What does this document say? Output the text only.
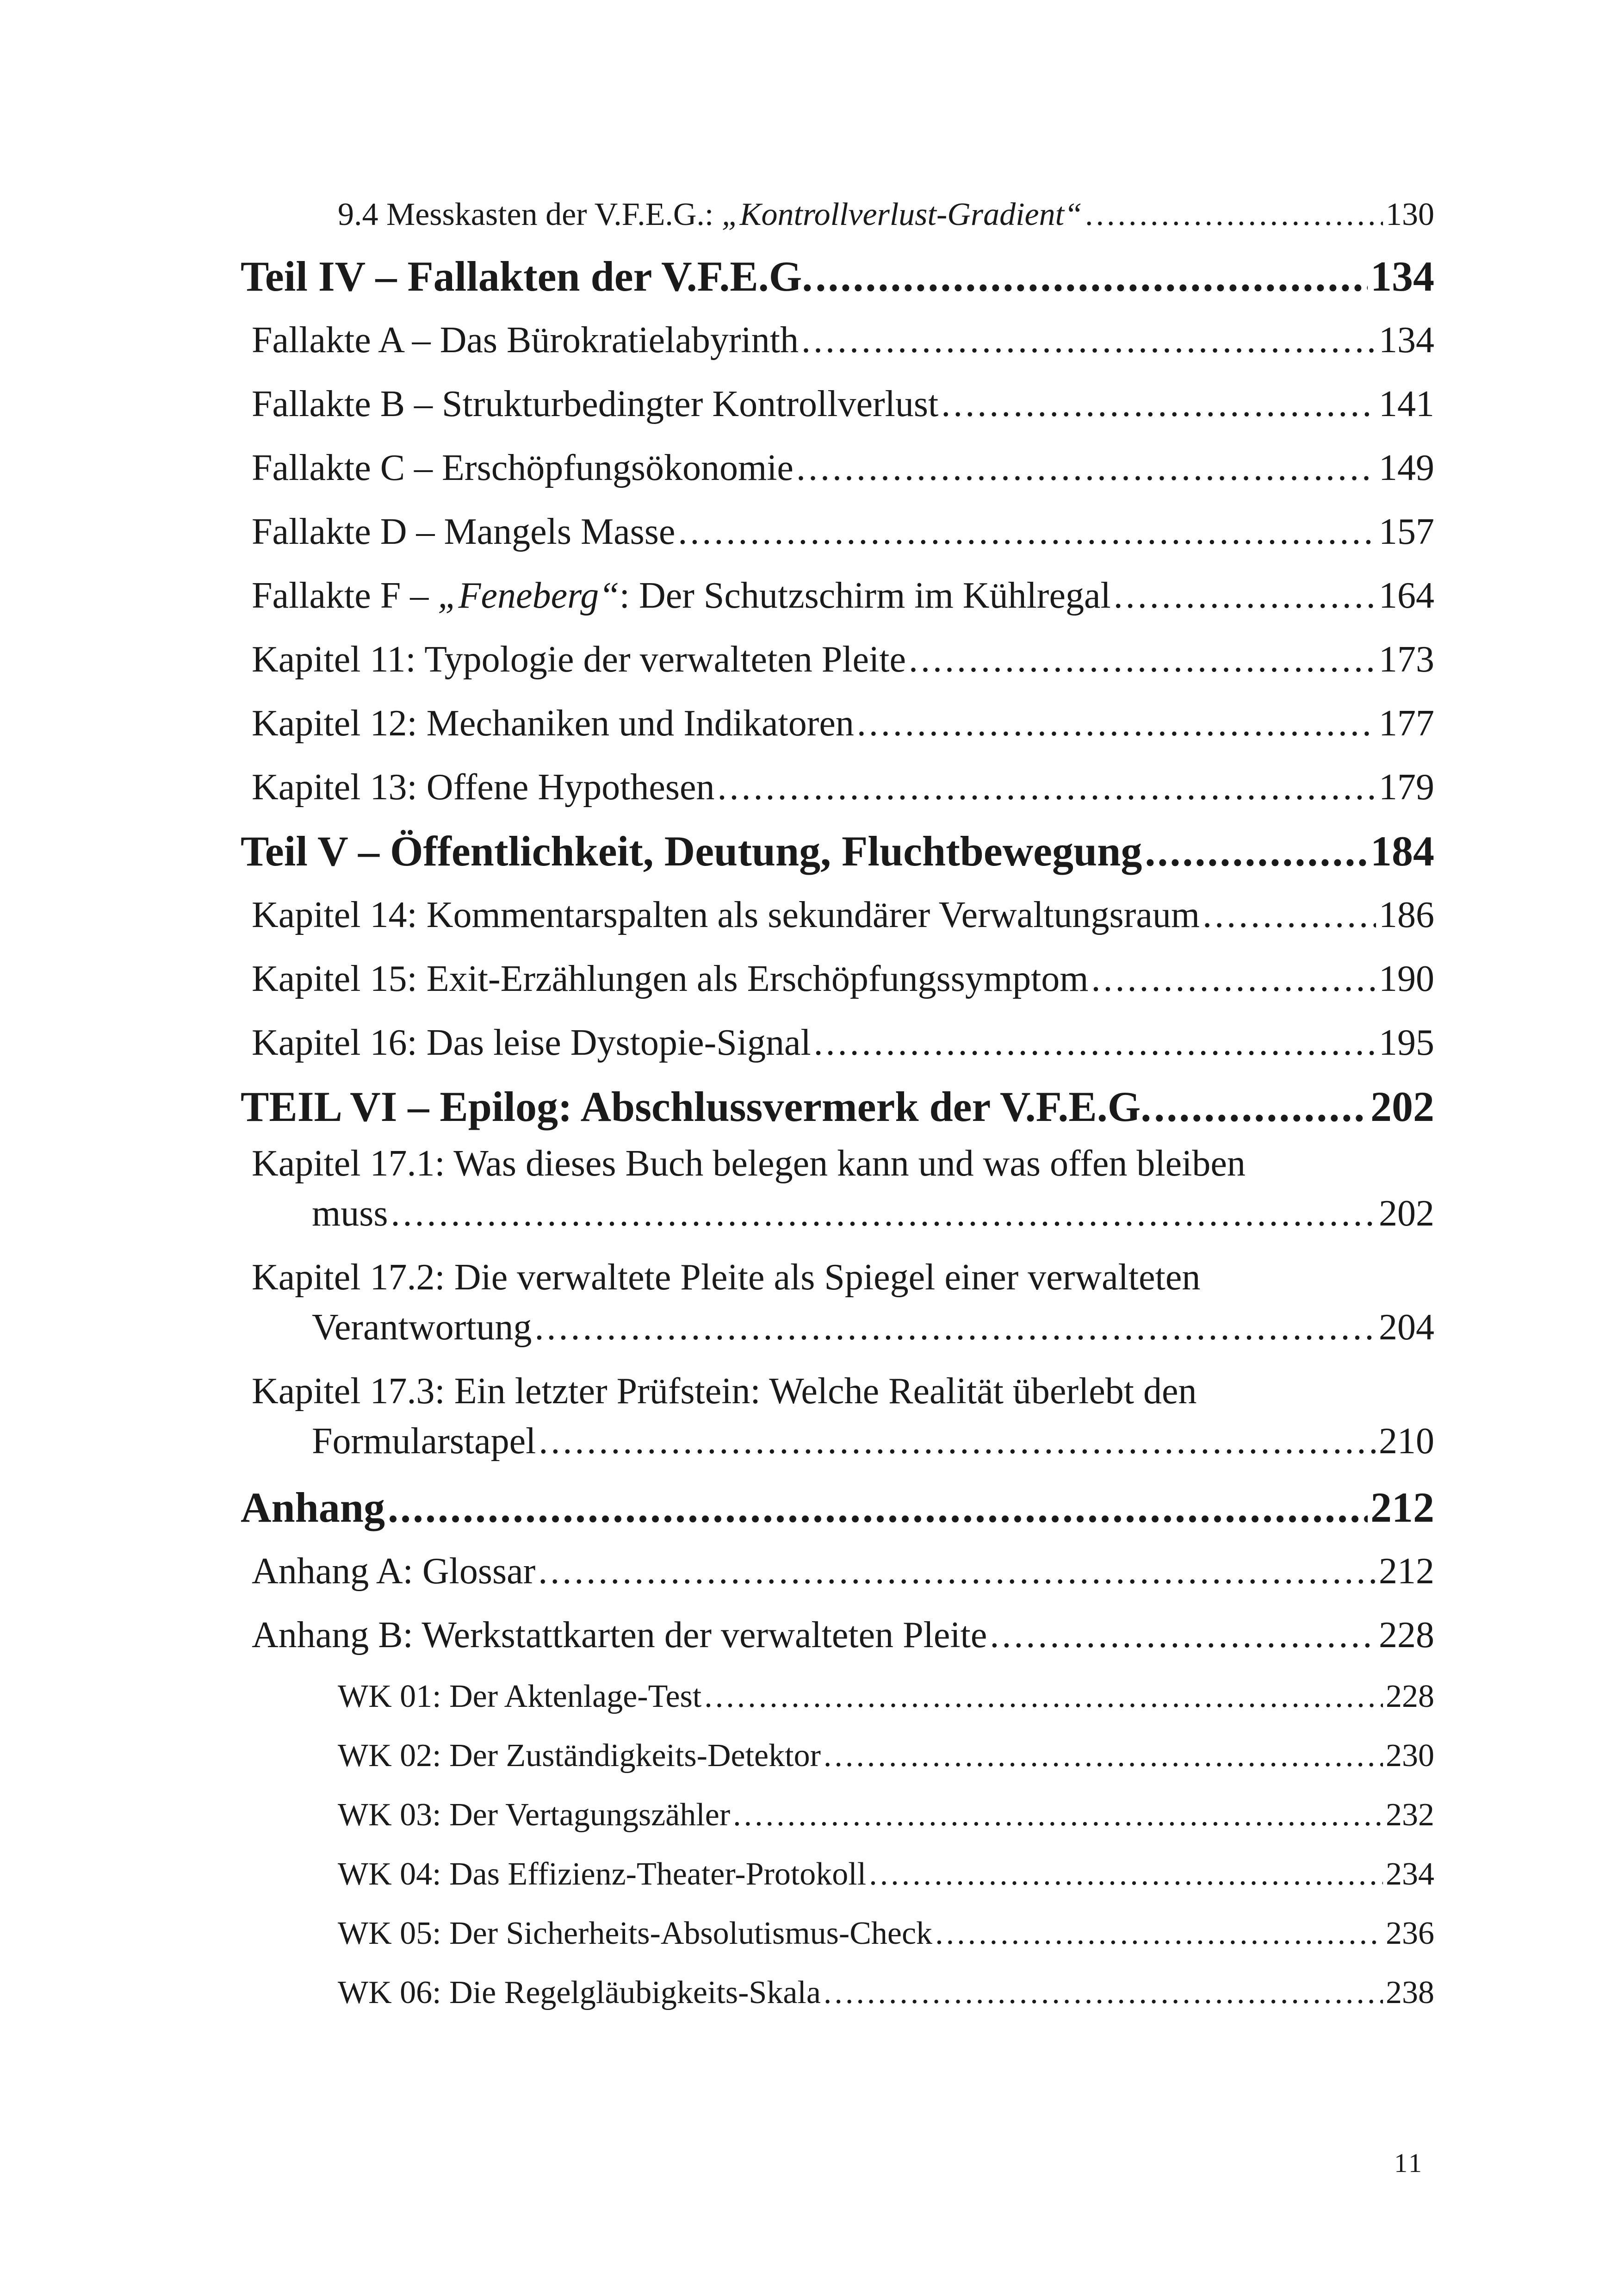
9.4 Messkasten der V.F.E.G.: „Kontrollverlust-Gradient“ .....	130
Teil IV – Fallakten der V.F.E.G. .....	134
Fallakte A – Das Bürokratielabyrinth .....	134
Fallakte B – Strukturbedingter Kontrollverlust .....	141
Fallakte C – Erschöpfungsökonomie .....	149
Fallakte D – Mangels Masse .....	157
Fallakte F – „Feneberg“: Der Schutzschirm im Kühlregal .....	164
Kapitel 11: Typologie der verwalteten Pleite .....	173
Kapitel 12: Mechaniken und Indikatoren .....	177
Kapitel 13: Offene Hypothesen .....	179
Teil V – Öffentlichkeit, Deutung, Fluchtbewegung .....	184
Kapitel 14: Kommentarspalten als sekundärer Verwaltungsraum .....	186
Kapitel 15: Exit-Erzählungen als Erschöpfungssymptom .....	190
Kapitel 16: Das leise Dystopie-Signal .....	195
TEIL VI – Epilog: Abschlussvermerk der V.F.E.G. .....	202
Kapitel 17.1: Was dieses Buch belegen kann und was offen bleiben
muss .....	202
Kapitel 17.2: Die verwaltete Pleite als Spiegel einer verwalteten
Verantwortung .....	204
Kapitel 17.3: Ein letzter Prüfstein: Welche Realität überlebt den
Formularstapel .....	210
Anhang .....	212
Anhang A: Glossar .....	212
Anhang B: Werkstattkarten der verwalteten Pleite .....	228
WK 01: Der Aktenlage-Test .....	228
WK 02: Der Zuständigkeits-Detektor .....	230
WK 03: Der Vertagungszähler .....	232
WK 04: Das Effizienz-Theater-Protokoll .....	234
WK 05: Der Sicherheits-Absolutismus-Check .....	236
WK 06: Die Regelgläubigkeits-Skala .....	238
11
